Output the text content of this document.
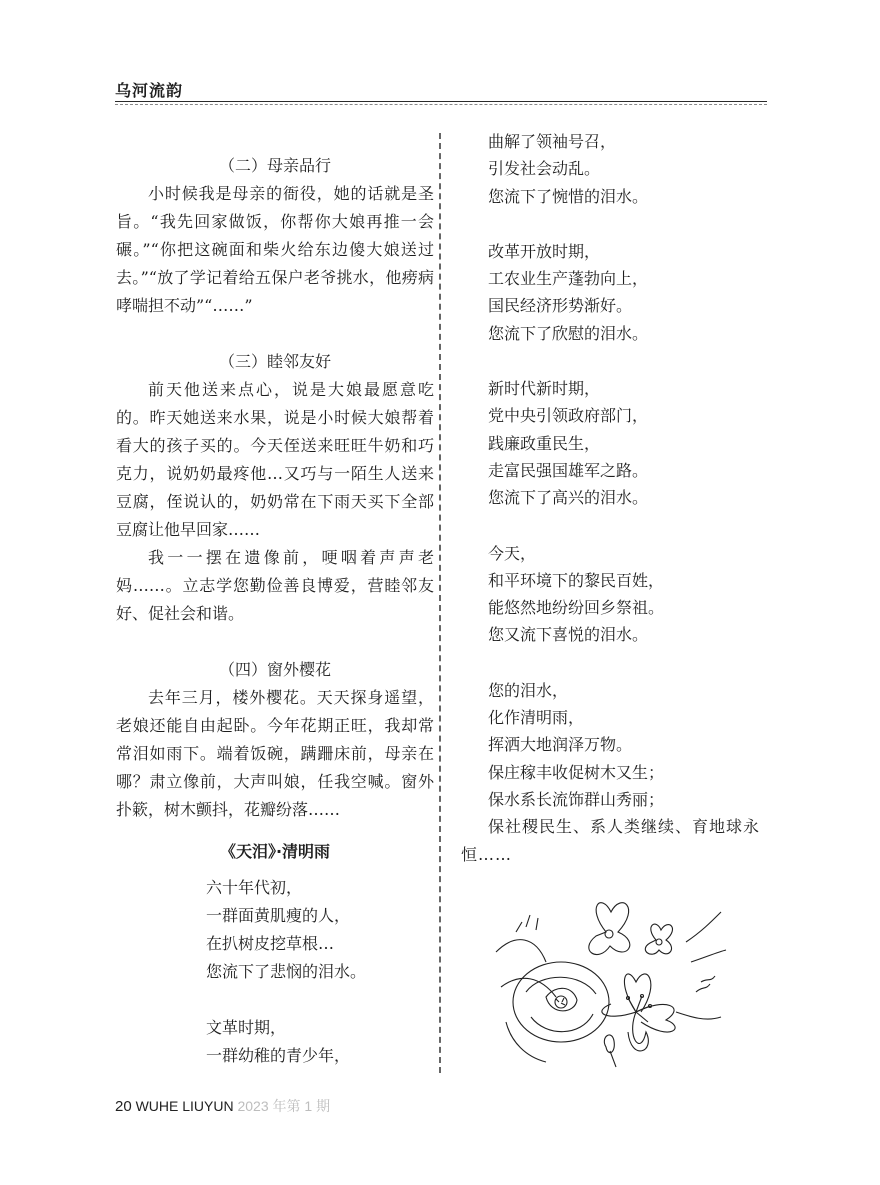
乌河流韵

（二）母亲品行

小时候我是母亲的衙役，她的话就是圣旨。“我先回家做饭，你帮你大娘再推一会碾。”“你把这碗面和柴火给东边傻大娘送过去。”“放了学记着给五保户老爷挑水，他痨病哮喘担不动”“……”

（三）睦邻友好

前天他送来点心，说是大娘最愿意吃的。昨天她送来水果，说是小时候大娘帮着看大的孩子买的。今天侄送来旺旺牛奶和巧克力，说奶奶最疼他…又巧与一陌生人送来豆腐，侄说认的，奶奶常在下雨天买下全部豆腐让他早回家……

我一一摆在遗像前，哽咽着声声老妈……。立志学您勤俭善良博爱，营睦邻友好、促社会和谐。

（四）窗外樱花

去年三月，楼外樱花。天天探身遥望，老娘还能自由起卧。今年花期正旺，我却常常泪如雨下。端着饭碗，蹒跚床前，母亲在哪？肃立像前，大声叫娘，任我空喊。窗外扑簌，树木颤抖，花瓣纷落……

《天泪》·清明雨

六十年代初，

一群面黄肌瘦的人，

在扒树皮挖草根…

您流下了悲悯的泪水。

文革时期，

一群幼稚的青少年，

曲解了领袖号召，

引发社会动乱。

您流下了惋惜的泪水。

改革开放时期，

工农业生产蓬勃向上，

国民经济形势渐好。

您流下了欣慰的泪水。

新时代新时期，

党中央引领政府部门，

践廉政重民生，

走富民强国雄军之路。

您流下了高兴的泪水。

今天，

和平环境下的黎民百姓，

能悠然地纷纷回乡祭祖。

您又流下喜悦的泪水。

您的泪水，

化作清明雨，

挥洒大地润泽万物。

保庄稼丰收促树木又生；

保水系长流饰群山秀丽；

保社稷民生、系人类继续、育地球永恒……

20 WUHE LIUYUN 2023 年第 1 期
